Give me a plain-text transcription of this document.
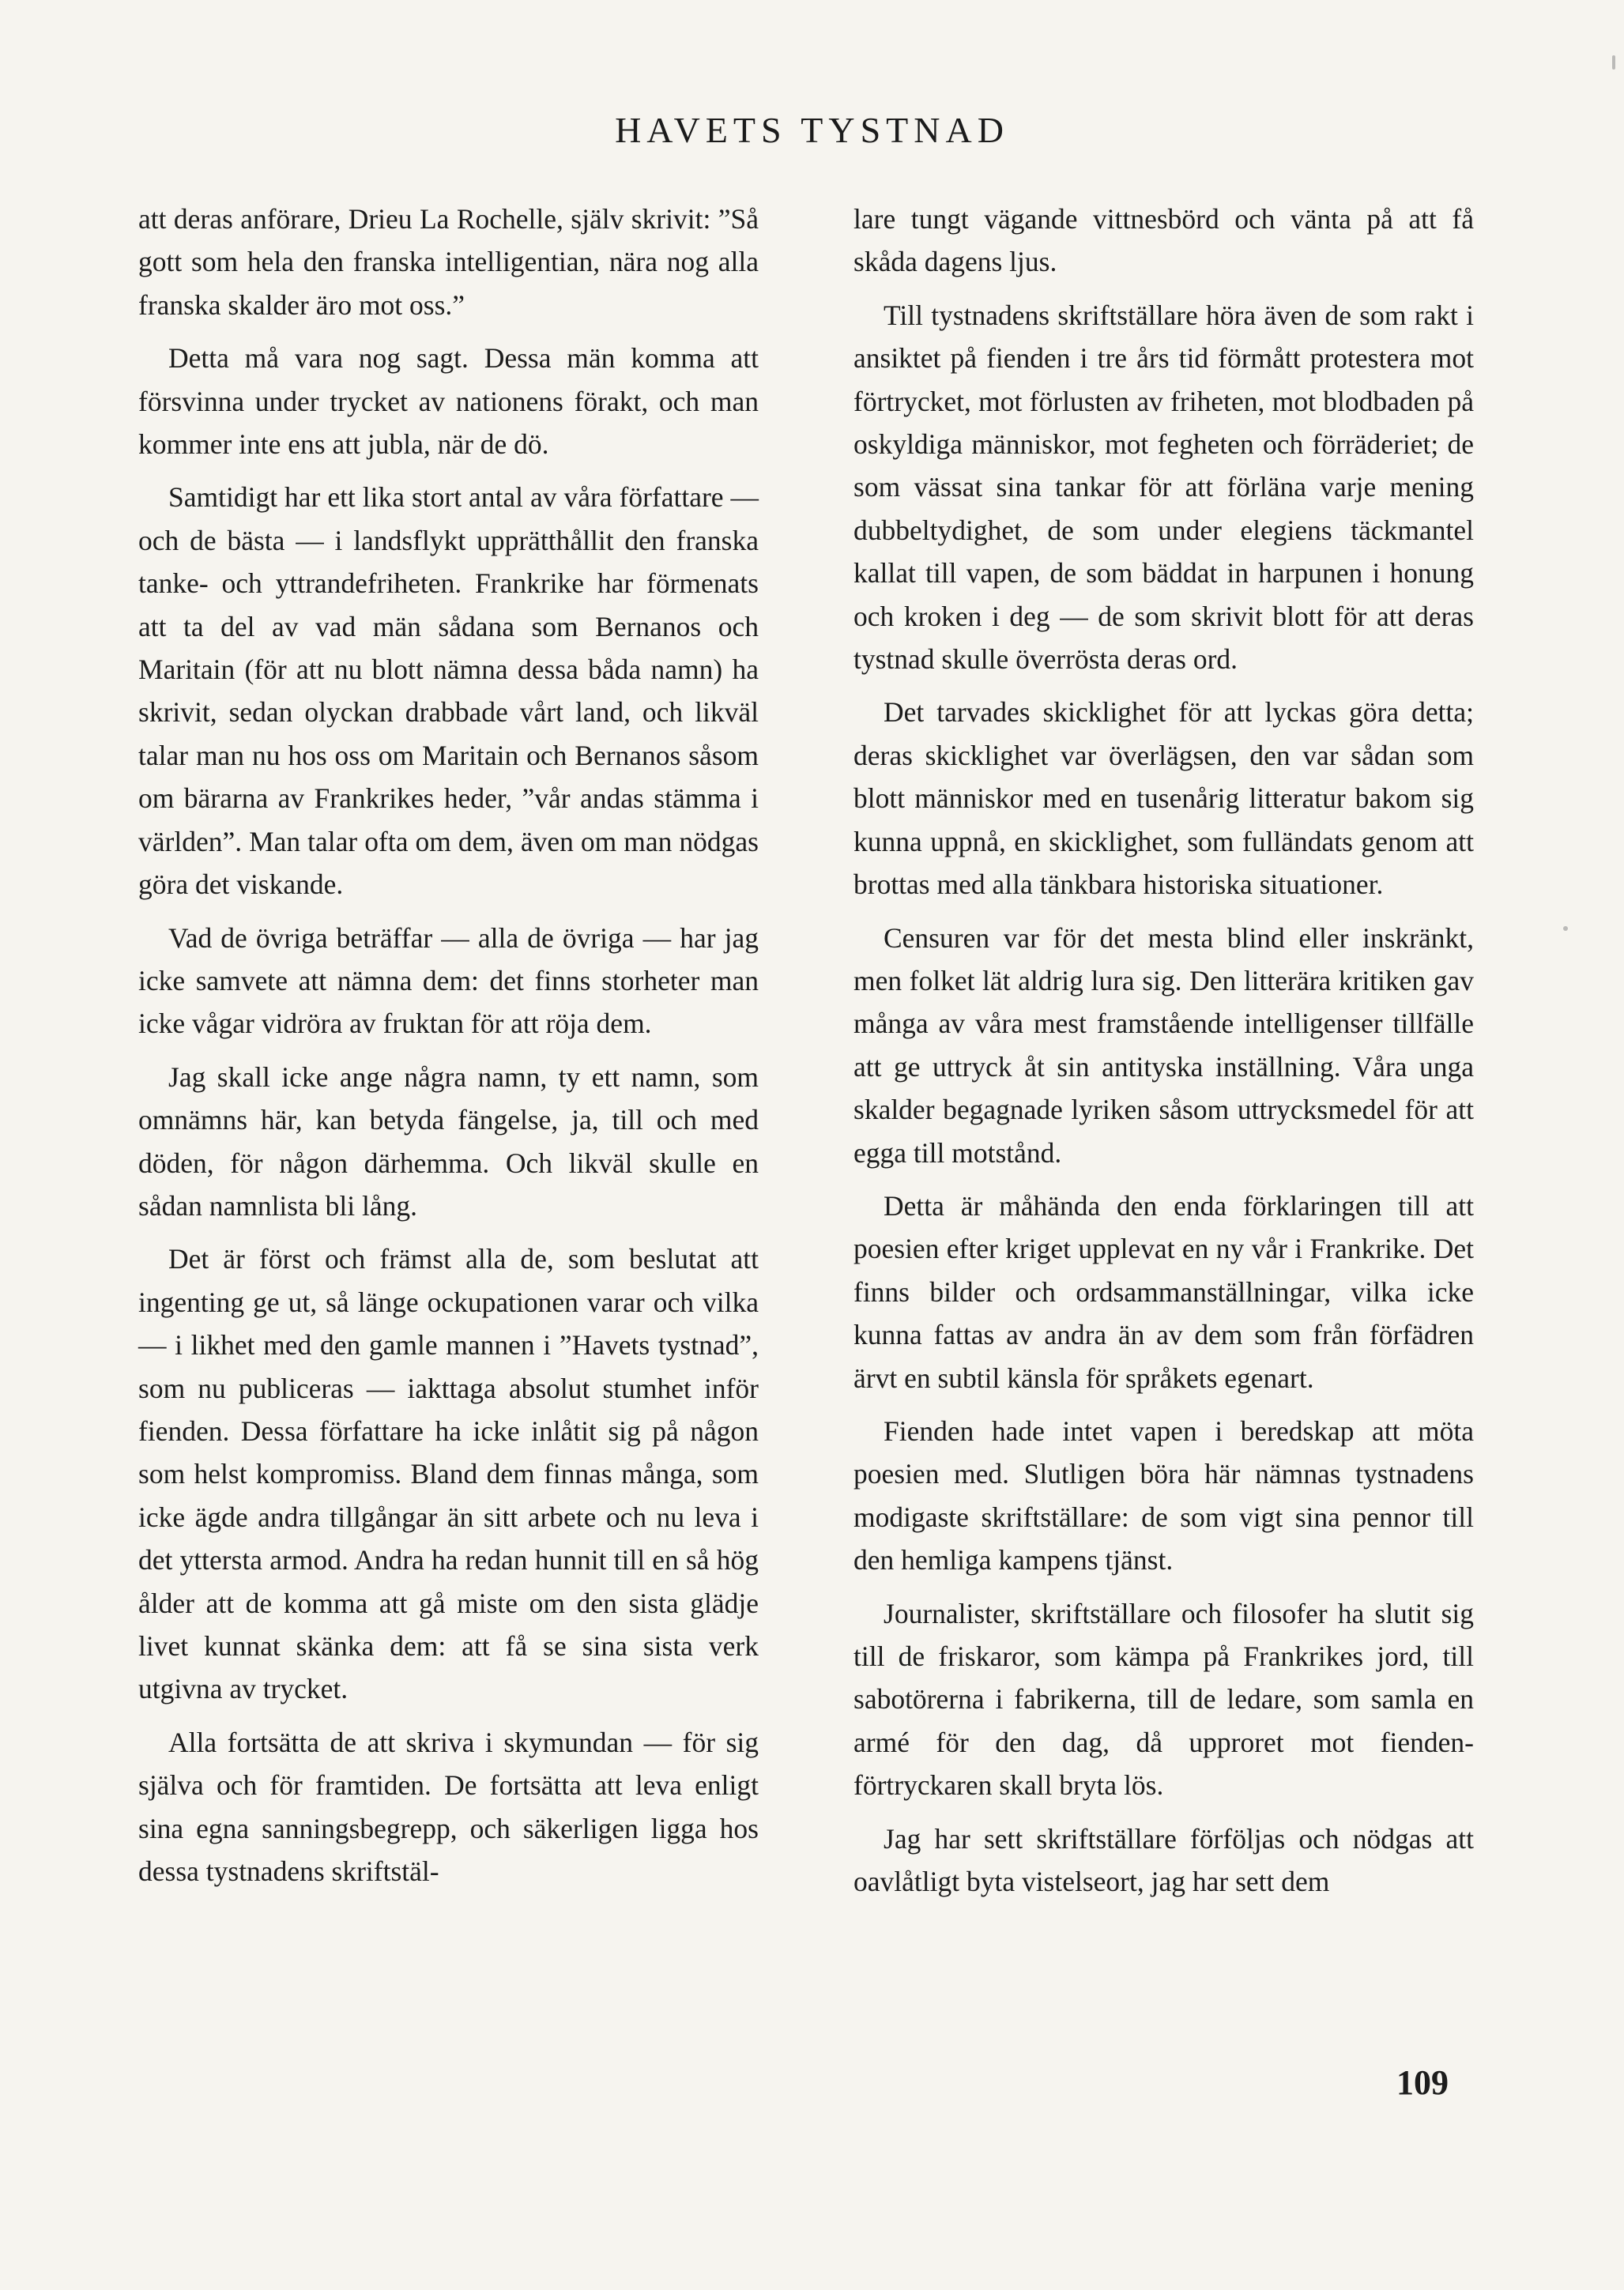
HAVETS TYSTNAD

att deras anförare, Drieu La Rochelle, själv skrivit: ”Så gott som hela den franska intelligentian, nära nog alla franska skalder äro mot oss.”

Detta må vara nog sagt. Dessa män komma att försvinna under trycket av nationens förakt, och man kommer inte ens att jubla, när de dö.

Samtidigt har ett lika stort antal av våra författare — och de bästa — i landsflykt upprätthållit den franska tanke- och yttrandefriheten. Frankrike har förmenats att ta del av vad män sådana som Bernanos och Maritain (för att nu blott nämna dessa båda namn) ha skrivit, sedan olyckan drabbade vårt land, och likväl talar man nu hos oss om Maritain och Bernanos såsom om bärarna av Frankrikes heder, ”vår andas stämma i världen”. Man talar ofta om dem, även om man nödgas göra det viskande.

Vad de övriga beträffar — alla de övriga — har jag icke samvete att nämna dem: det finns storheter man icke vågar vidröra av fruktan för att röja dem.

Jag skall icke ange några namn, ty ett namn, som omnämns här, kan betyda fängelse, ja, till och med döden, för någon därhemma. Och likväl skulle en sådan namnlista bli lång.

Det är först och främst alla de, som beslutat att ingenting ge ut, så länge ockupationen varar och vilka — i likhet med den gamle mannen i ”Havets tystnad”, som nu publiceras — iakttaga absolut stumhet inför fienden. Dessa författare ha icke inlåtit sig på någon som helst kompromiss. Bland dem finnas många, som icke ägde andra tillgångar än sitt arbete och nu leva i det yttersta armod. Andra ha redan hunnit till en så hög ålder att de komma att gå miste om den sista glädje livet kunnat skänka dem: att få se sina sista verk utgivna av trycket.

Alla fortsätta de att skriva i skymundan — för sig själva och för framtiden. De fortsätta att leva enligt sina egna sanningsbegrepp, och säkerligen ligga hos dessa tystnadens skriftstäl-

lare tungt vägande vittnesbörd och vänta på att få skåda dagens ljus.

Till tystnadens skriftställare höra även de som rakt i ansiktet på fienden i tre års tid förmått protestera mot förtrycket, mot förlusten av friheten, mot blodbaden på oskyldiga människor, mot fegheten och förräderiet; de som vässat sina tankar för att förläna varje mening dubbeltydighet, de som under elegiens täckmantel kallat till vapen, de som bäddat in harpunen i honung och kroken i deg — de som skrivit blott för att deras tystnad skulle överrösta deras ord.

Det tarvades skicklighet för att lyckas göra detta; deras skicklighet var överlägsen, den var sådan som blott människor med en tusenårig litteratur bakom sig kunna uppnå, en skicklighet, som fulländats genom att brottas med alla tänkbara historiska situationer.

Censuren var för det mesta blind eller inskränkt, men folket lät aldrig lura sig. Den litterära kritiken gav många av våra mest framstående intelligenser tillfälle att ge uttryck åt sin antityska inställning. Våra unga skalder begagnade lyriken såsom uttrycksmedel för att egga till motstånd.

Detta är måhända den enda förklaringen till att poesien efter kriget upplevat en ny vår i Frankrike. Det finns bilder och ordsammanställningar, vilka icke kunna fattas av andra än av dem som från förfädren ärvt en subtil känsla för språkets egenart.

Fienden hade intet vapen i beredskap att möta poesien med. Slutligen böra här nämnas tystnadens modigaste skriftställare: de som vigt sina pennor till den hemliga kampens tjänst.

Journalister, skriftställare och filosofer ha slutit sig till de friskaror, som kämpa på Frankrikes jord, till sabotörerna i fabrikerna, till de ledare, som samla en armé för den dag, då upproret mot fienden-förtryckaren skall bryta lös.

Jag har sett skriftställare förföljas och nödgas att oavlåtligt byta vistelseort, jag har sett dem

109
